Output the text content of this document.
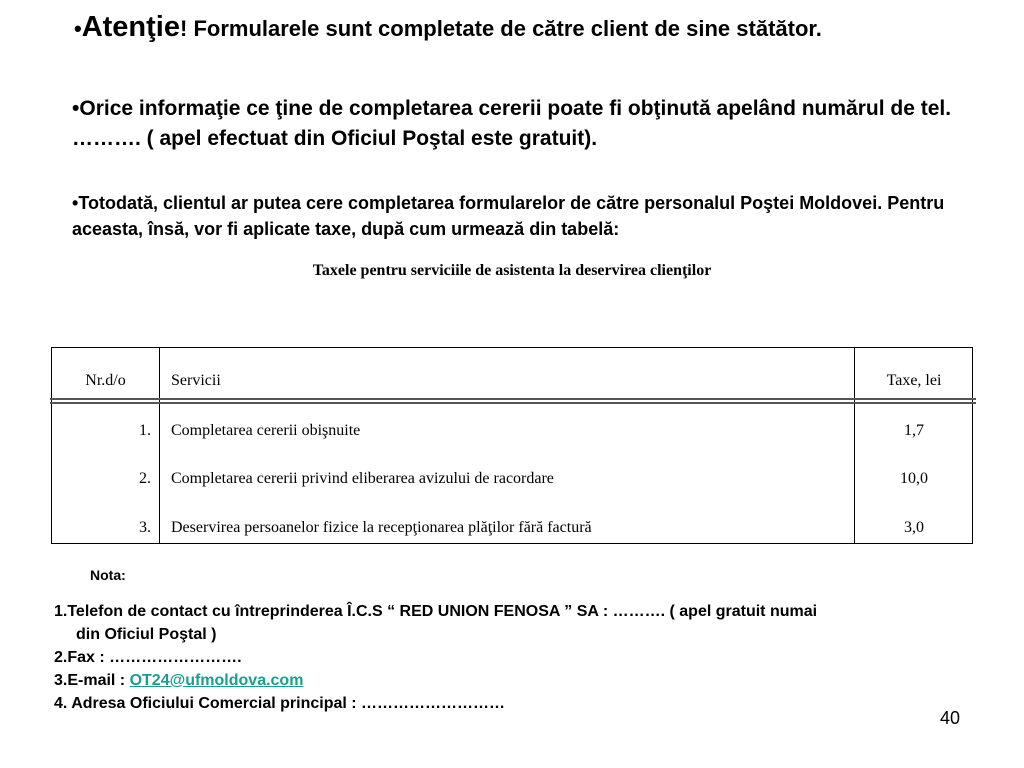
•Atenţie! Formularele sunt completate de către client de sine stătător.
•Orice informaţie ce ţine de completarea cererii poate fi obţinută apelând numărul de tel. ………. ( apel efectuat din Oficiul Poştal este gratuit).
•Totodată, clientul ar putea cere completarea formularelor de către personalul Poştei Moldovei. Pentru aceasta, însă, vor fi aplicate taxe, după cum urmează din tabelă:
Taxele pentru serviciile de asistenta la deservirea clienţilor
Nr.d/o	Servicii	Taxe, lei
1. Completarea cererii obişnuite	1,7
2. Completarea cererii privind eliberarea avizului de racordare	10,0
3. Deservirea persoanelor fizice la recepţionarea plăţilor fără factură	3,0
Nota:
1.Telefon de contact cu întreprinderea Î.C.S “ RED UNION FENOSA ” SA : ………. ( apel gratuit numai
din Oficiul Poştal )
2.Fax : …………………….
3.E-mail : OT24@ufmoldova.com
4. Adresa Oficiului Comercial principal : ………………………
40
